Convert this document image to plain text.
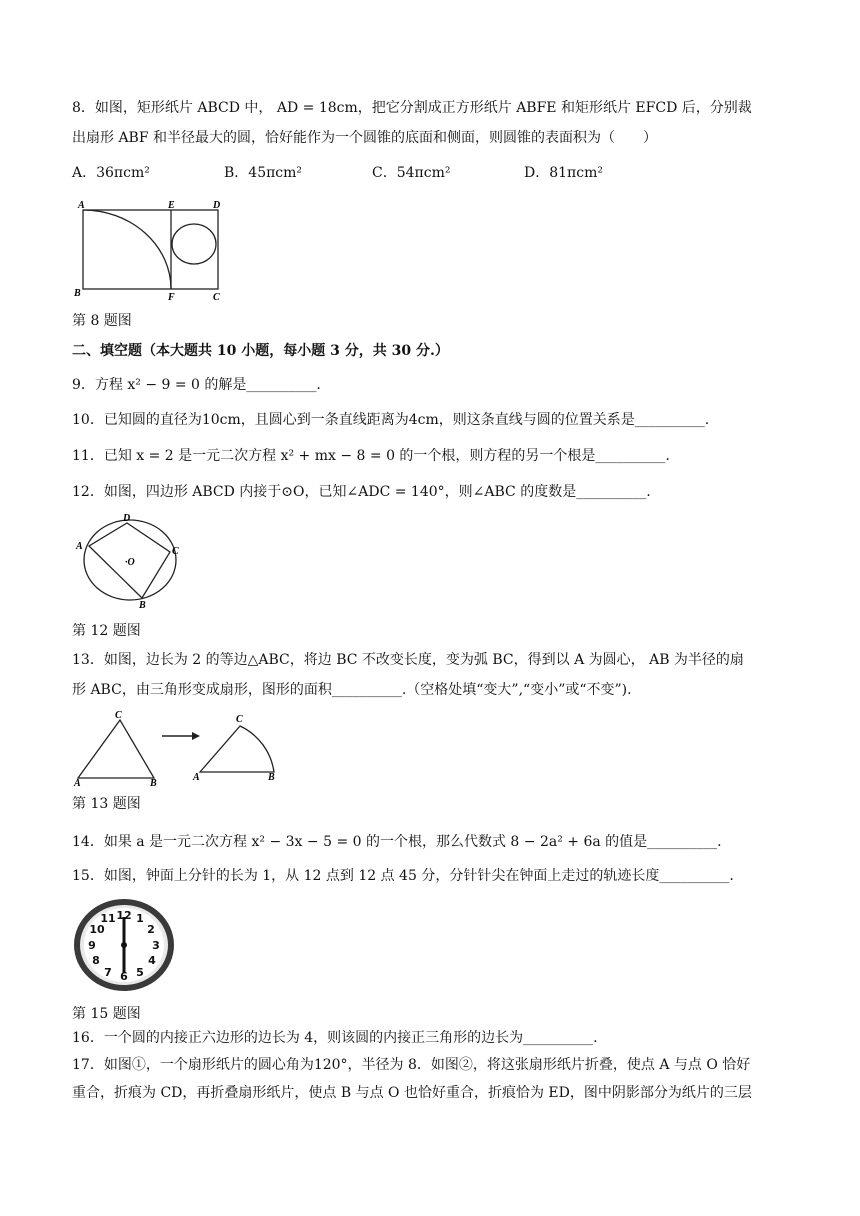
8．如图，矩形纸片 ABCD 中， AD = 18cm，把它分割成正方形纸片 ABFE 和矩形纸片 EFCD 后，分别裁
出扇形 ABF 和半径最大的圆，恰好能作为一个圆锥的底面和侧面，则圆锥的表面积为（　　）
A．36πcm²	B．45πcm²	C．54πcm²	D．81πcm²
A	E	D
B	F	C
第 8 题图
二、填空题（本大题共 10 小题，每小题 3 分，共 30 分.）
9．方程 x² − 9 = 0 的解是__________.
10．已知圆的直径为10cm，且圆心到一条直线距离为4cm，则这条直线与圆的位置关系是__________.
11．已知 x = 2 是一元二次方程 x² + mx − 8 = 0 的一个根，则方程的另一个根是__________.
12．如图，四边形 ABCD 内接于⊙O，已知∠ADC = 140°，则∠ABC 的度数是__________.
D
A	C
·O
B
第 12 题图
13．如图，边长为 2 的等边△ABC，将边 BC 不改变长度，变为弧 BC，得到以 A 为圆心， AB 为半径的扇
形 ABC，由三角形变成扇形，图形的面积__________.（空格处填“变大”,“变小”或“不变”).
C
A	B
C
A	B
第 13 题图
14．如果 a 是一元二次方程 x² − 3x − 5 = 0 的一个根，那么代数式 8 − 2a² + 6a 的值是__________.
15．如图，钟面上分针的长为 1，从 12 点到 12 点 45 分，分针针尖在钟面上走过的轨迹长度__________.
12 1
2
3
4
5
6
7
8
9
10
11
第 15 题图
16．一个圆的内接正六边形的边长为 4，则该圆的内接正三角形的边长为__________.
17．如图①，一个扇形纸片的圆心角为120°，半径为 8．如图②，将这张扇形纸片折叠，使点 A 与点 O 恰好
重合，折痕为 CD，再折叠扇形纸片，使点 B 与点 O 也恰好重合，折痕恰为 ED，图中阴影部分为纸片的三层
